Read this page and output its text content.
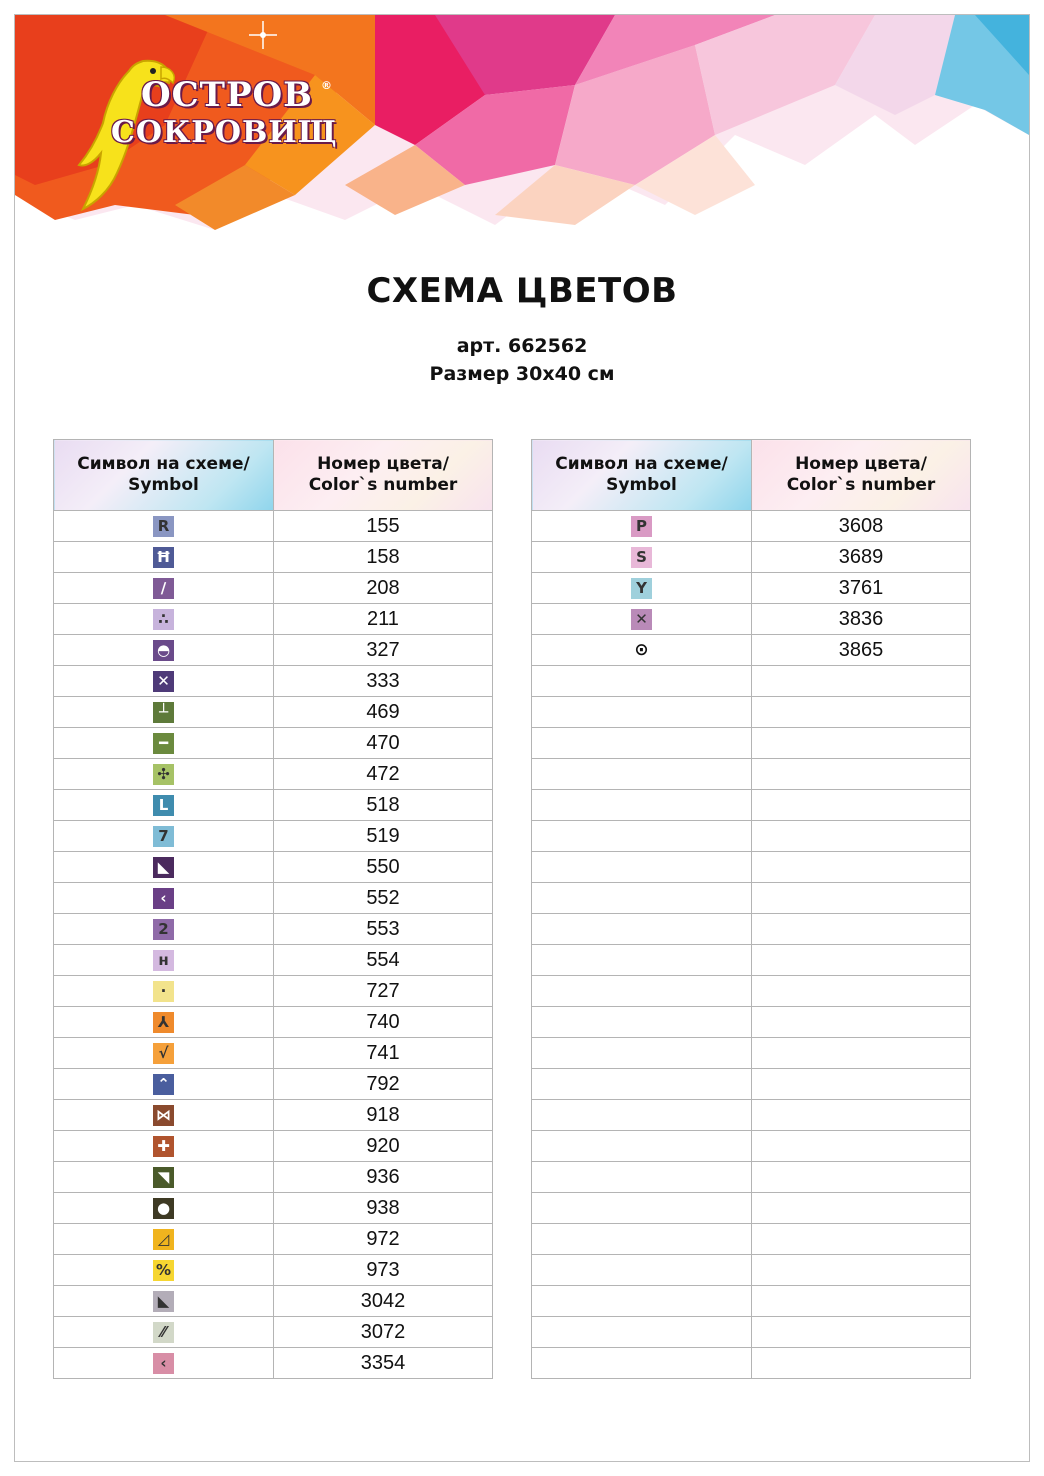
ОСТРОВ
СОКРОВИЩ
®
СХЕМА ЦВЕТОВ
арт. 662562
Размер 30х40 см
Символ на схеме/
Symbol	Номер цвета/
Color`s number
R	155
Ħ	158
∕	208
∴	211
◓	327
✕	333
┴	469
━	470
✣	472
L	518
7	519
◣	550
‹	552
2	553
н	554
·	727
⅄	740
√	741
⌃	792
⋈	918
✚	920
◥	936
●	938
◿	972
%	973
◣	3042
⁄⁄	3072
‹	3354
Символ на схеме/
Symbol	Номер цвета/
Color`s number
P	3608
S	3689
Y	3761
✕	3836
⊙	3865
